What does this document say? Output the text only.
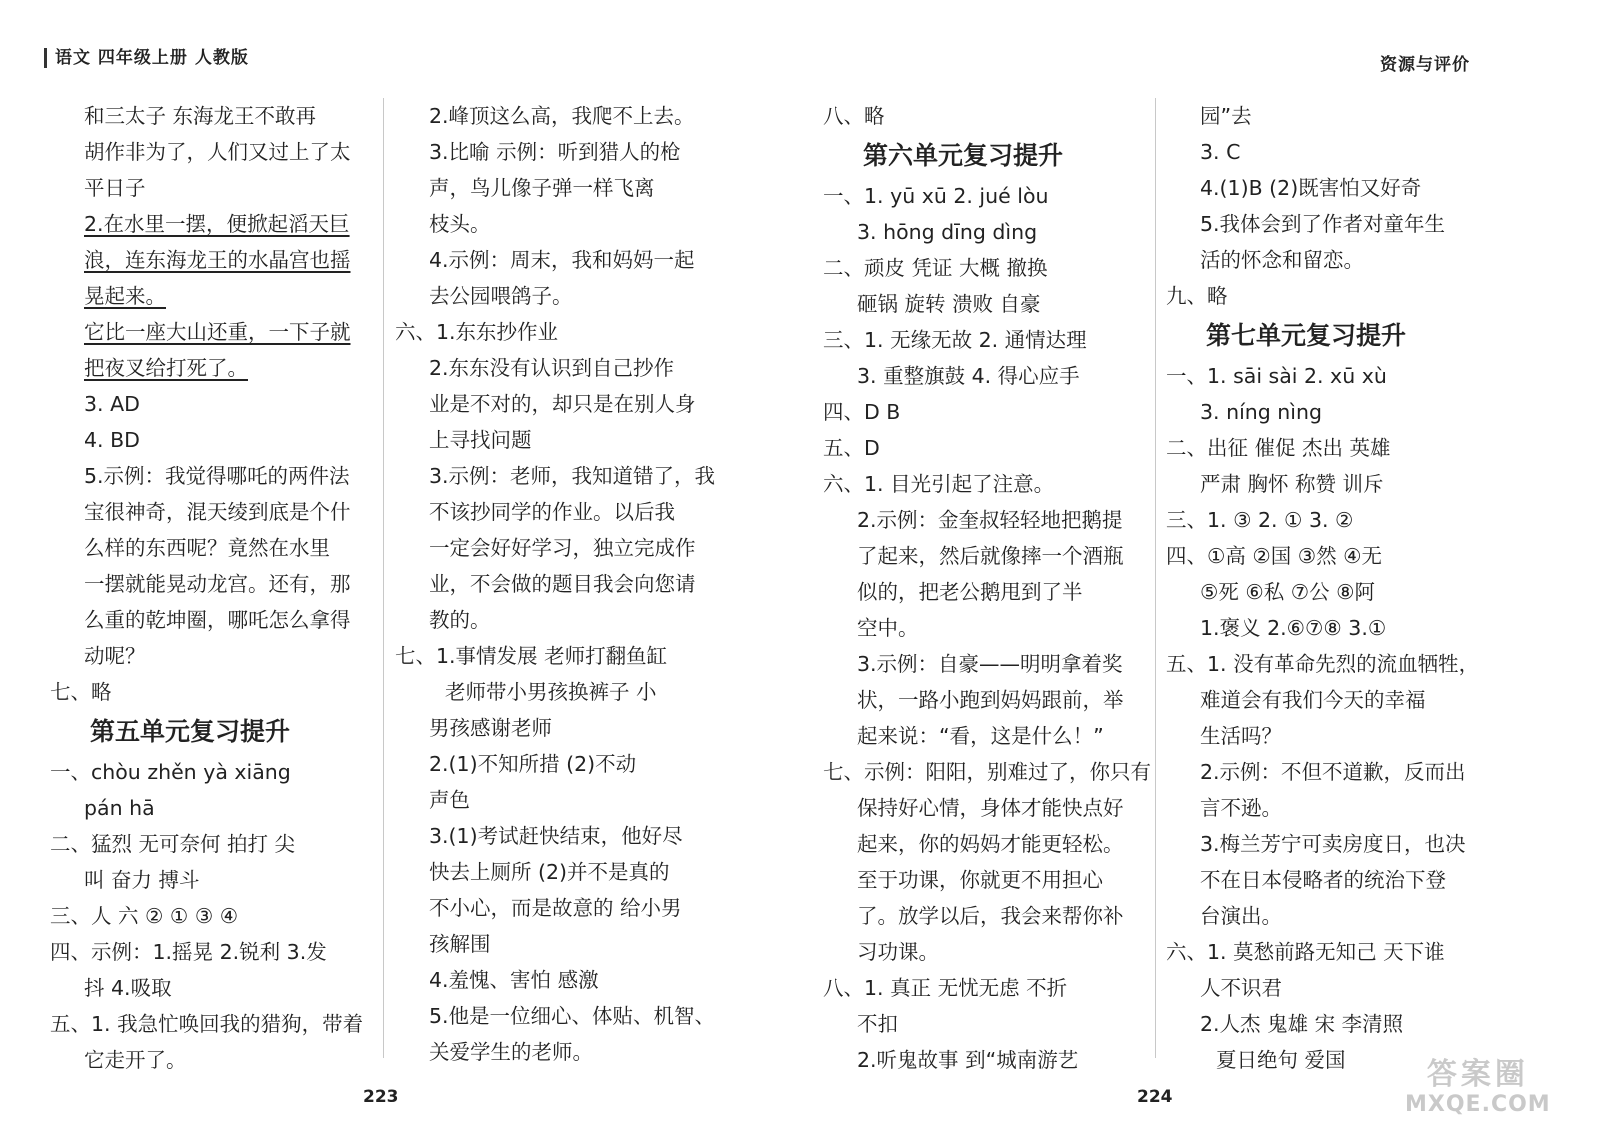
语文 四年级上册 人教版	资源与评价
和三太子 东海龙王不敢再
胡作非为了，人们又过上了太
平日子
2.在水里一摆，便掀起滔天巨
浪，连东海龙王的水晶宫也摇
晃起来。
它比一座大山还重，一下子就
把夜叉给打死了。
3. AD
4. BD
5.示例：我觉得哪吒的两件法
宝很神奇，混天绫到底是个什
么样的东西呢？竟然在水里
一摆就能晃动龙宫。还有，那
么重的乾坤圈，哪吒怎么拿得
动呢？
七、略
第五单元复习提升
一、chòu zhěn yà xiāng
pán hā
二、猛烈 无可奈何 拍打 尖
叫 奋力 搏斗
三、人 六 ② ① ③ ④
四、示例：1.摇晃 2.锐利 3.发
抖 4.吸取
五、1. 我急忙唤回我的猎狗，带着
它走开了。
2.峰顶这么高，我爬不上去。
3.比喻 示例：听到猎人的枪
声，鸟儿像子弹一样飞离
枝头。
4.示例：周末，我和妈妈一起
去公园喂鸽子。
六、1.东东抄作业
2.东东没有认识到自己抄作
业是不对的，却只是在别人身
上寻找问题
3.示例：老师，我知道错了，我
不该抄同学的作业。以后我
一定会好好学习，独立完成作
业，不会做的题目我会向您请
教的。
七、1.事情发展 老师打翻鱼缸
老师带小男孩换裤子 小
男孩感谢老师
2.(1)不知所措 (2)不动
声色
3.(1)考试赶快结束，他好尽
快去上厕所 (2)并不是真的
不小心，而是故意的 给小男
孩解围
4.羞愧、害怕 感激
5.他是一位细心、体贴、机智、
关爱学生的老师。
八、略
第六单元复习提升
一、1. yū xū 2. jué lòu
3. hōng dīng dìng
二、顽皮 凭证 大概 撤换
砸锅 旋转 溃败 自豪
三、1. 无缘无故 2. 通情达理
3. 重整旗鼓 4. 得心应手
四、D B
五、D
六、1. 目光引起了注意。
2.示例：金奎叔轻轻地把鹅提
了起来，然后就像摔一个酒瓶
似的，把老公鹅甩到了半
空中。
3.示例：自豪——明明拿着奖
状，一路小跑到妈妈跟前，举
起来说：“看，这是什么！”
七、示例：阳阳，别难过了，你只有
保持好心情，身体才能快点好
起来，你的妈妈才能更轻松。
至于功课，你就更不用担心
了。放学以后，我会来帮你补
习功课。
八、1. 真正 无忧无虑 不折
不扣
2.听鬼故事 到“城南游艺
园”去
3. C
4.(1)B (2)既害怕又好奇
5.我体会到了作者对童年生
活的怀念和留恋。
九、略
第七单元复习提升
一、1. sāi sài 2. xū xù
3. níng nìng
二、出征 催促 杰出 英雄
严肃 胸怀 称赞 训斥
三、1. ③ 2. ① 3. ②
四、①高 ②国 ③然 ④无
⑤死 ⑥私 ⑦公 ⑧阿
1.褒义 2.⑥⑦⑧ 3.①
五、1. 没有革命先烈的流血牺牲，
难道会有我们今天的幸福
生活吗？
2.示例：不但不道歉，反而出
言不逊。
3.梅兰芳宁可卖房度日，也决
不在日本侵略者的统治下登
台演出。
六、1. 莫愁前路无知己 天下谁
人不识君
2.人杰 鬼雄 宋 李清照
夏日绝句 爱国
223	224
答案圈
MXQE.COM
